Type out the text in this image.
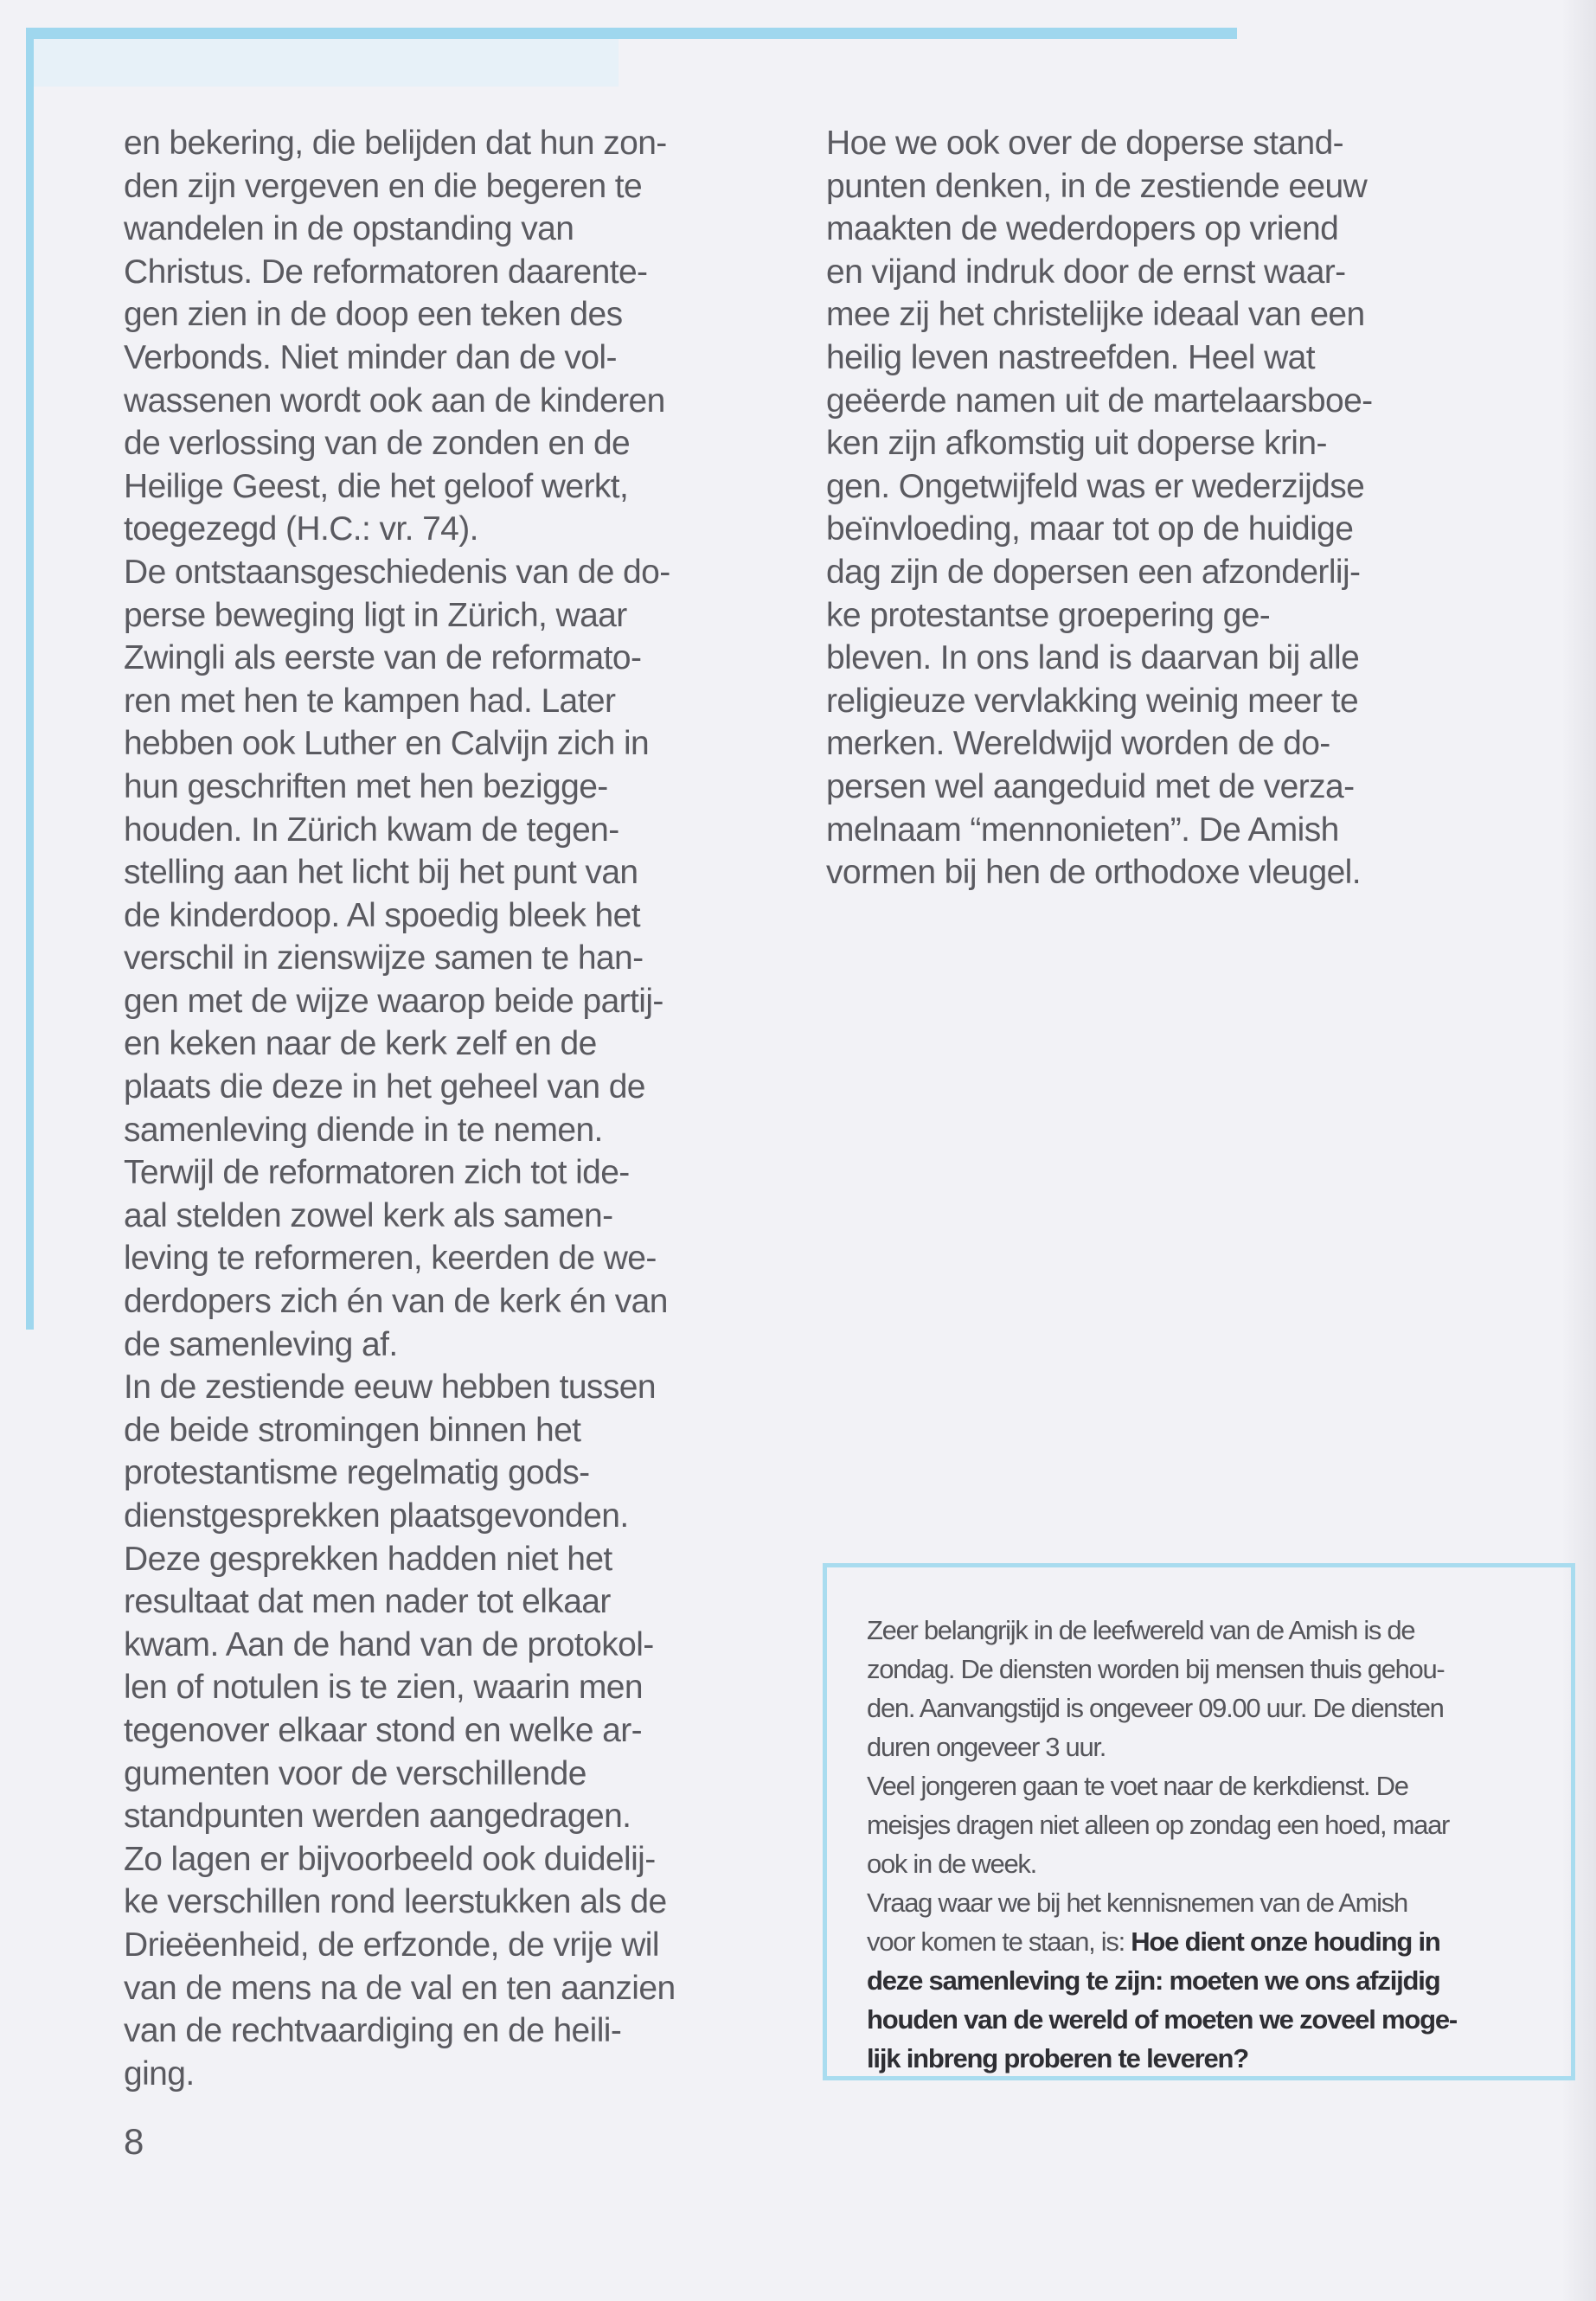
en bekering, die belijden dat hun zon-
den zijn vergeven en die begeren te
wandelen in de opstanding van
Christus. De reformatoren daarente-
gen zien in de doop een teken des
Verbonds. Niet minder dan de vol-
wassenen wordt ook aan de kinderen
de verlossing van de zonden en de
Heilige Geest, die het geloof werkt,
toegezegd (H.C.: vr. 74).
De ontstaansgeschiedenis van de do-
perse beweging ligt in Zürich, waar
Zwingli als eerste van de reformato-
ren met hen te kampen had. Later
hebben ook Luther en Calvijn zich in
hun geschriften met hen bezigge-
houden. In Zürich kwam de tegen-
stelling aan het licht bij het punt van
de kinderdoop. Al spoedig bleek het
verschil in zienswijze samen te han-
gen met de wijze waarop beide partij-
en keken naar de kerk zelf en de
plaats die deze in het geheel van de
samenleving diende in te nemen.
Terwijl de reformatoren zich tot ide-
aal stelden zowel kerk als samen-
leving te reformeren, keerden de we-
derdopers zich én van de kerk én van
de samenleving af.
In de zestiende eeuw hebben tussen
de beide stromingen binnen het
protestantisme regelmatig gods-
dienstgesprekken plaatsgevonden.
Deze gesprekken hadden niet het
resultaat dat men nader tot elkaar
kwam. Aan de hand van de protokol-
len of notulen is te zien, waarin men
tegenover elkaar stond en welke ar-
gumenten voor de verschillende
standpunten werden aangedragen.
Zo lagen er bijvoorbeeld ook duidelij-
ke verschillen rond leerstukken als de
Drieëenheid, de erfzonde, de vrije wil
van de mens na de val en ten aanzien
van de rechtvaardiging en de heili-
ging.
Hoe we ook over de doperse stand-
punten denken, in de zestiende eeuw
maakten de wederdopers op vriend
en vijand indruk door de ernst waar-
mee zij het christelijke ideaal van een
heilig leven nastreefden. Heel wat
geëerde namen uit de martelaarsboe-
ken zijn afkomstig uit doperse krin-
gen. Ongetwijfeld was er wederzijdse
beïnvloeding, maar tot op de huidige
dag zijn de dopersen een afzonderlij-
ke protestantse groepering ge-
bleven. In ons land is daarvan bij alle
religieuze vervlakking weinig meer te
merken. Wereldwijd worden de do-
persen wel aangeduid met de verza-
melnaam “mennonieten”. De Amish
vormen bij hen de orthodoxe vleugel.
8
Zeer belangrijk in de leefwereld van de Amish is de
zondag. De diensten worden bij mensen thuis gehou-
den. Aanvangstijd is ongeveer 09.00 uur. De diensten
duren ongeveer 3 uur.
Veel jongeren gaan te voet naar de kerkdienst. De
meisjes dragen niet alleen op zondag een hoed, maar
ook in de week.
Vraag waar we bij het kennisnemen van de Amish
voor komen te staan, is: Hoe dient onze houding in
deze samenleving te zijn: moeten we ons afzijdig
houden van de wereld of moeten we zoveel moge-
lijk inbreng proberen te leveren?
